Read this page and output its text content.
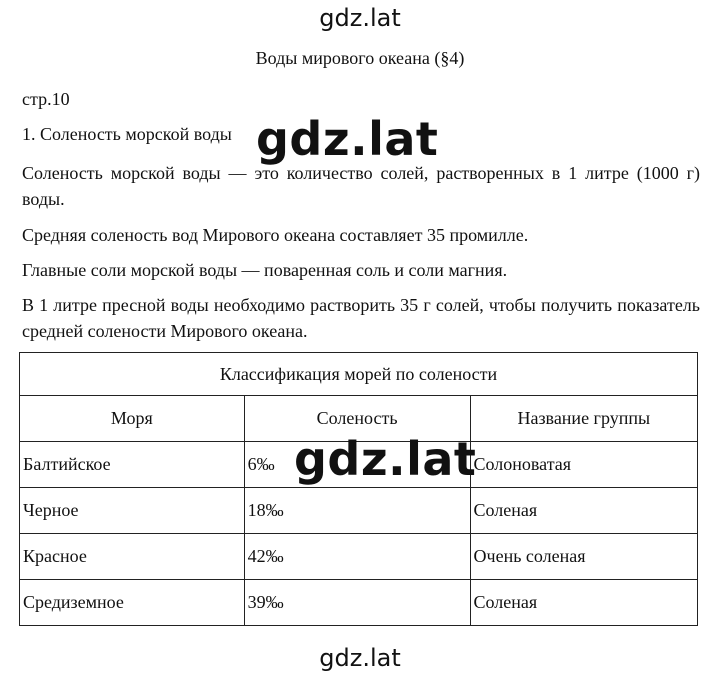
gdz.lat
Воды мирового океана (§4)
стр.10
1. Соленость морской воды
Соленость морской воды — это количество солей, растворенных в 1 литре (1000 г) воды.
Средняя соленость вод Мирового океана составляет 35 промилле.
Главные соли морской воды — поваренная соль и соли магния.
В 1 литре пресной воды необходимо растворить 35 г солей, чтобы получить показатель средней солености Мирового океана.
Классификация морей по солености		
Моря	Соленость	Название группы
Балтийское	6‰	Солоноватая
Черное	18‰	Соленая
Красное	42‰	Очень соленая
Средиземное	39‰	Соленая
gdz.lat
gdz.lat
gdz.lat
